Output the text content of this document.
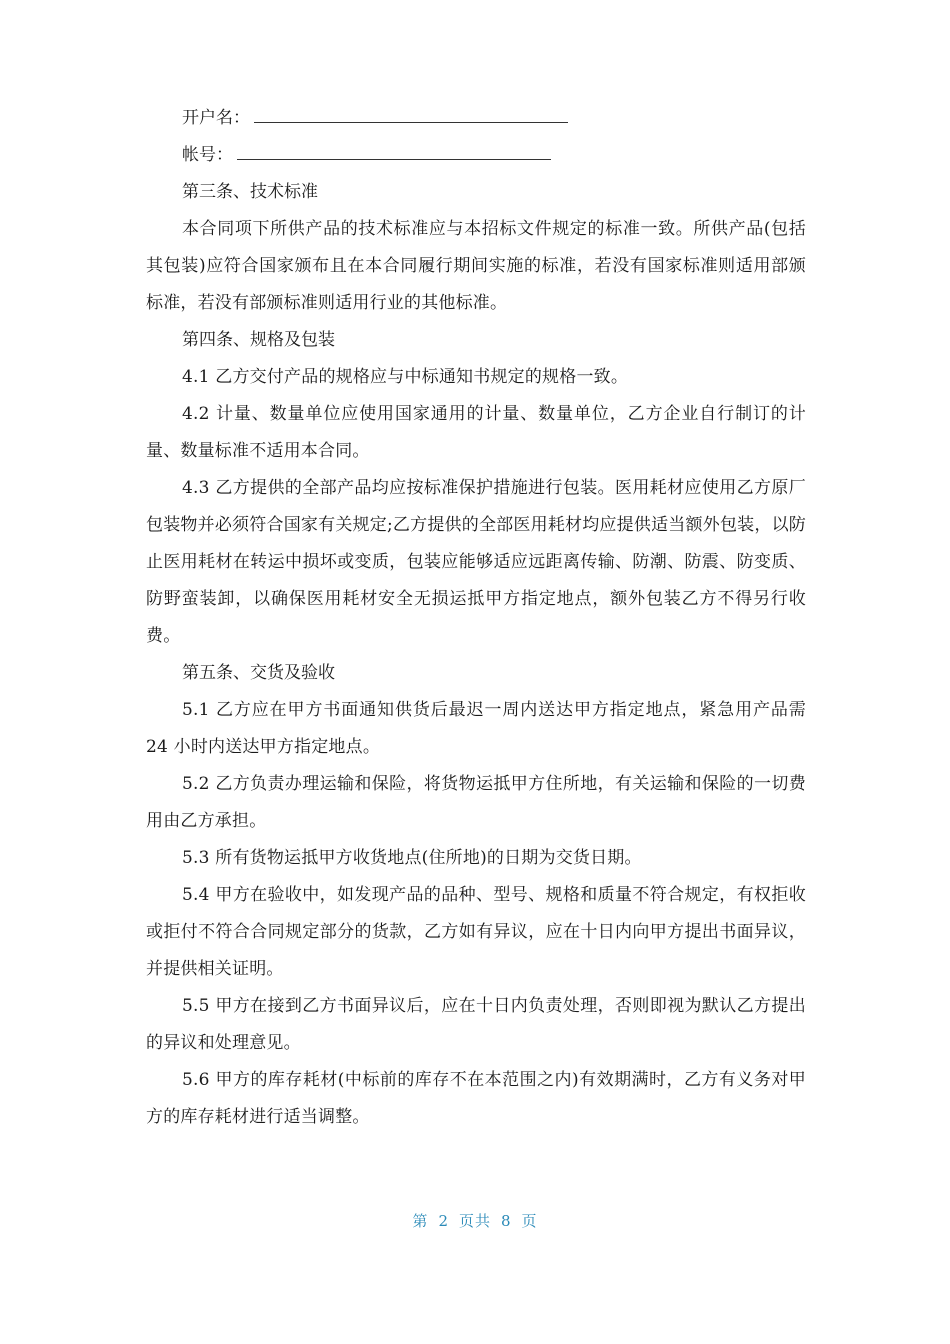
开户名：
帐号：

第三条、技术标准

本合同项下所供产品的技术标准应与本招标文件规定的标准一致。所供产品(包括其包装)应符合国家颁布且在本合同履行期间实施的标准，若没有国家标准则适用部颁标准，若没有部颁标准则适用行业的其他标准。

第四条、规格及包装

4.1 乙方交付产品的规格应与中标通知书规定的规格一致。

4.2 计量、数量单位应使用国家通用的计量、数量单位，乙方企业自行制订的计量、数量标准不适用本合同。

4.3 乙方提供的全部产品均应按标准保护措施进行包装。医用耗材应使用乙方原厂包装物并必须符合国家有关规定;乙方提供的全部医用耗材均应提供适当额外包装，以防止医用耗材在转运中损坏或变质，包装应能够适应远距离传输、防潮、防震、防变质、防野蛮装卸，以确保医用耗材安全无损运抵甲方指定地点，额外包装乙方不得另行收费。

第五条、交货及验收

5.1 乙方应在甲方书面通知供货后最迟一周内送达甲方指定地点，紧急用产品需 24 小时内送达甲方指定地点。

5.2 乙方负责办理运输和保险，将货物运抵甲方住所地，有关运输和保险的一切费用由乙方承担。

5.3 所有货物运抵甲方收货地点(住所地)的日期为交货日期。

5.4 甲方在验收中，如发现产品的品种、型号、规格和质量不符合规定，有权拒收或拒付不符合合同规定部分的货款，乙方如有异议，应在十日内向甲方提出书面异议，并提供相关证明。

5.5 甲方在接到乙方书面异议后，应在十日内负责处理，否则即视为默认乙方提出的异议和处理意见。

5.6 甲方的库存耗材(中标前的库存不在本范围之内)有效期满时，乙方有义务对甲方的库存耗材进行适当调整。

第 2 页共 8 页
